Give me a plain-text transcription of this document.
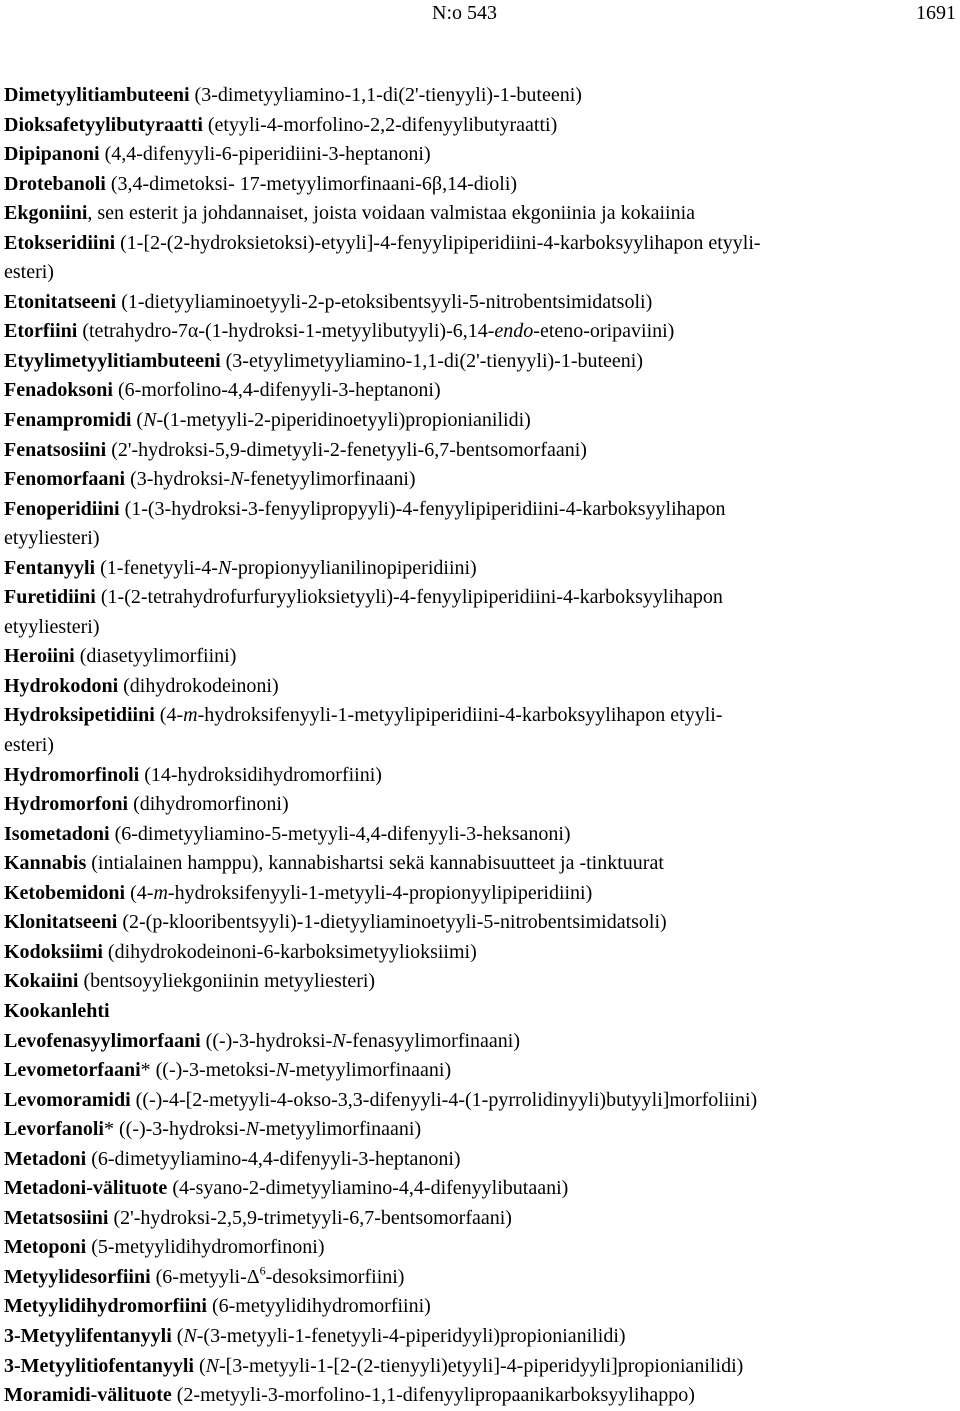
N:o 543	1691

Dimetyylitiambuteeni (3-dimetyyliamino-1,1-di(2'-tienyyli)-1-buteeni)

Dioksafetyylibutyraatti (etyyli-4-morfolino-2,2-difenyylibutyraatti)

Dipipanoni (4,4-difenyyli-6-piperidiini-3-heptanoni)

Drotebanoli (3,4-dimetoksi- 17-metyylimorfinaani-6β,14-dioli)

Ekgoniini, sen esterit ja johdannaiset, joista voidaan valmistaa ekgoniinia ja kokaiinia

Etokseridiini (1-[2-(2-hydroksietoksi)-etyyli]-4-fenyylipiperidiini-4-karboksyylihapon etyyli-
esteri)

Etonitatseeni (1-dietyyliaminoetyyli-2-p-etoksibentsyyli-5-nitrobentsimidatsoli)

Etorfiini (tetrahydro-7α-(1-hydroksi-1-metyylibutyyli)-6,14-endo-eteno-oripaviini)

Etyylimetyylitiambuteeni (3-etyylimetyyliamino-1,1-di(2'-tienyyli)-1-buteeni)

Fenadoksoni (6-morfolino-4,4-difenyyli-3-heptanoni)

Fenampromidi (N-(1-metyyli-2-piperidinoetyyli)propionianilidi)

Fenatsosiini (2'-hydroksi-5,9-dimetyyli-2-fenetyyli-6,7-bentsomorfaani)

Fenomorfaani (3-hydroksi-N-fenetyylimorfinaani)

Fenoperidiini (1-(3-hydroksi-3-fenyylipropyyli)-4-fenyylipiperidiini-4-karboksyylihapon
etyyliesteri)

Fentanyyli (1-fenetyyli-4-N-propionyylianilinopiperidiini)

Furetidiini (1-(2-tetrahydrofurfuryylioksietyyli)-4-fenyylipiperidiini-4-karboksyylihapon
etyyliesteri)

Heroiini (diasetyylimorfiini)

Hydrokodoni (dihydrokodeinoni)

Hydroksipetidiini (4-m-hydroksifenyyli-1-metyylipiperidiini-4-karboksyylihapon etyyli-
esteri)

Hydromorfinoli (14-hydroksidihydromorfiini)

Hydromorfoni (dihydromorfinoni)

Isometadoni (6-dimetyyliamino-5-metyyli-4,4-difenyyli-3-heksanoni)

Kannabis (intialainen hamppu), kannabishartsi sekä kannabisuutteet ja -tinktuurat

Ketobemidoni (4-m-hydroksifenyyli-1-metyyli-4-propionyylipiperidiini)

Klonitatseeni (2-(p-klooribentsyyli)-1-dietyyliaminoetyyli-5-nitrobentsimidatsoli)

Kodoksiimi (dihydrokodeinoni-6-karboksimetyylioksiimi)

Kokaiini (bentsoyyliekgoniinin metyyliesteri)

Kookanlehti

Levofenasyylimorfaani ((-)-3-hydroksi-N-fenasyylimorfinaani)

Levometorfaani* ((-)-3-metoksi-N-metyylimorfinaani)

Levomoramidi ((-)-4-[2-metyyli-4-okso-3,3-difenyyli-4-(1-pyrrolidinyyli)butyyli]morfoliini)

Levorfanoli* ((-)-3-hydroksi-N-metyylimorfinaani)

Metadoni (6-dimetyyliamino-4,4-difenyyli-3-heptanoni)

Metadoni-välituote (4-syano-2-dimetyyliamino-4,4-difenyylibutaani)

Metatsosiini (2'-hydroksi-2,5,9-trimetyyli-6,7-bentsomorfaani)

Metoponi (5-metyylidihydromorfinoni)

Metyylidesorfiini $(6-metyyli-\Delta^6-desoksimorfiini)$

Metyylidihydromorfiini (6-metyylidihydromorfiini)

3-Metyylifentanyyli (N-(3-metyyli-1-fenetyyli-4-piperidyyli)propionianilidi)

3-Metyylitiofentanyyli (N-[3-metyyli-1-[2-(2-tienyyli)etyyli]-4-piperidyyli]propionianilidi)

Moramidi-välituote (2-metyyli-3-morfolino-1,1-difenyylipropaanikarboksyylihappo)
